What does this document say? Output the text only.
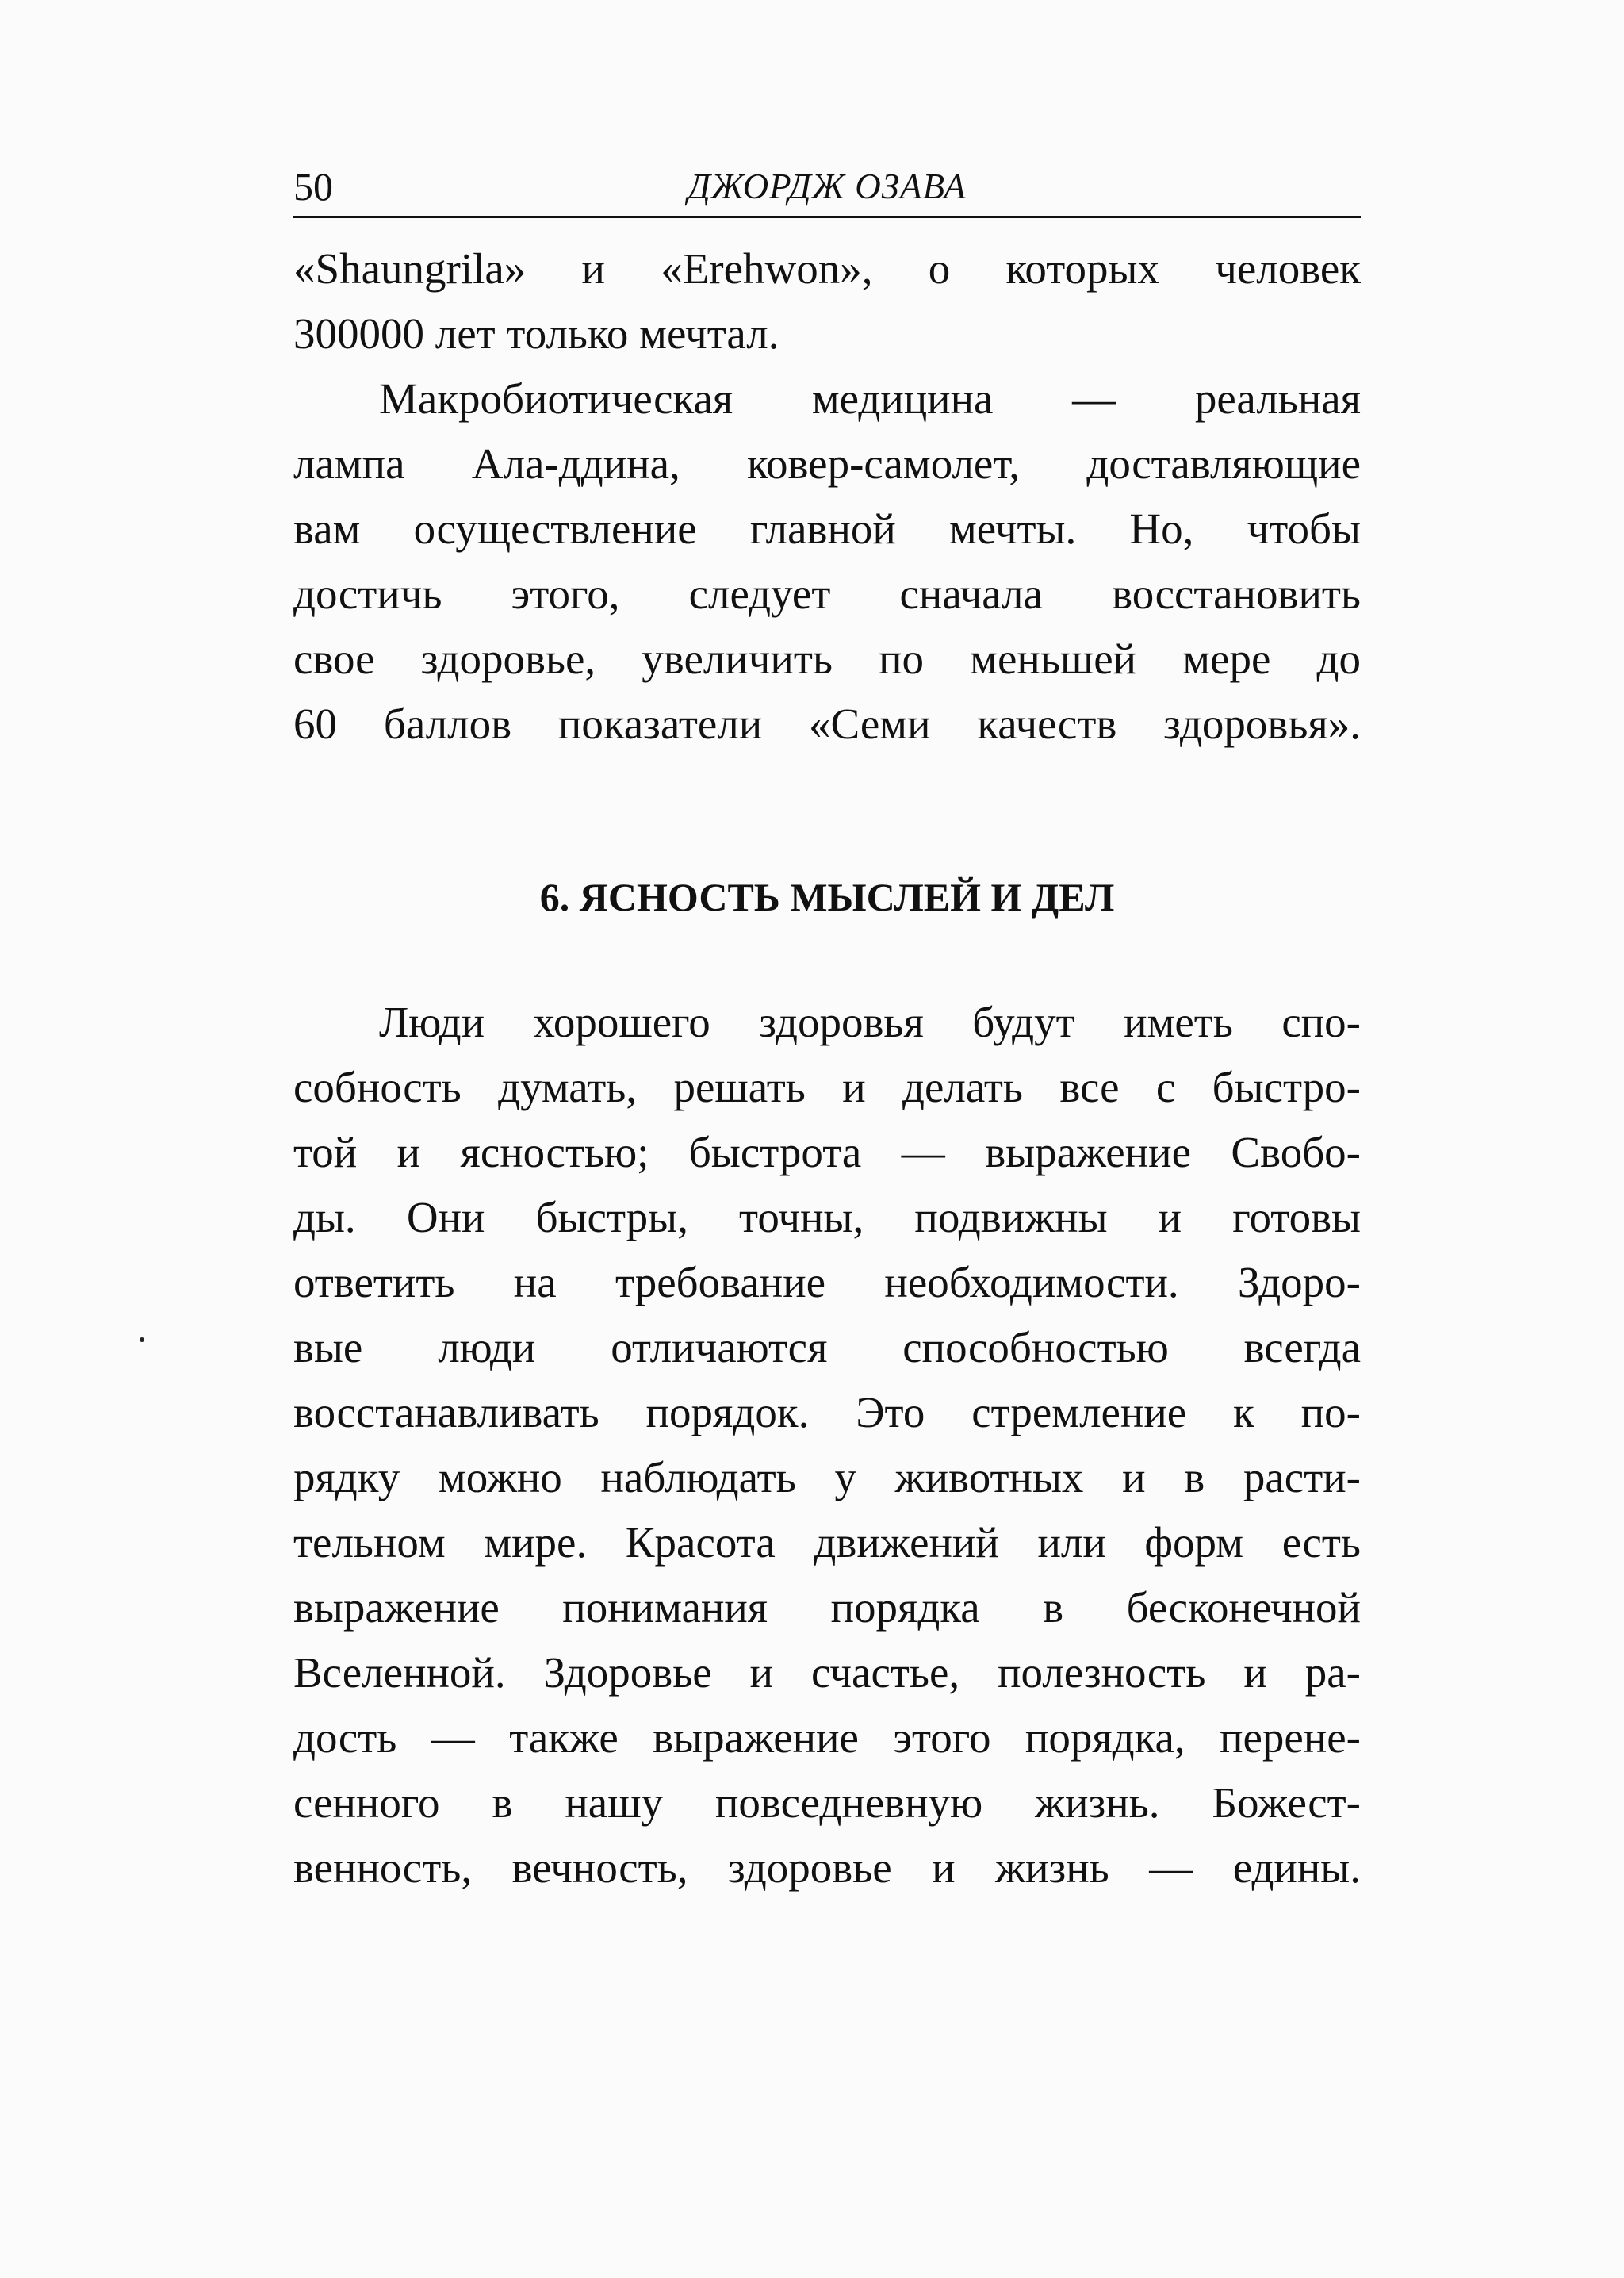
50	ДЖОРДЖ ОЗАВА
«Shaungrila» и «Erehwon», о которых человек
300000 лет только мечтал.
Макробиотическая медицина — реальная
лампа Ала-ддина, ковер-самолет, доставляющие
вам осуществление главной мечты. Но, чтобы
достичь этого, следует сначала восстановить
свое здоровье, увеличить по меньшей мере до
60 баллов показатели «Семи качеств здоровья».
6. ЯСНОСТЬ МЫСЛЕЙ И ДЕЛ
Люди хорошего здоровья будут иметь спо-
собность думать, решать и делать все с быстро-
той и ясностью; быстрота — выражение Свобо-
ды. Они быстры, точны, подвижны и готовы
ответить на требование необходимости. Здоро-
вые люди отличаются способностью всегда
восстанавливать порядок. Это стремление к по-
рядку можно наблюдать у животных и в расти-
тельном мире. Красота движений или форм есть
выражение понимания порядка в бесконечной
Вселенной. Здоровье и счастье, полезность и ра-
дость — также выражение этого порядка, перене-
сенного в нашу повседневную жизнь. Божест-
венность, вечность, здоровье и жизнь — едины.
